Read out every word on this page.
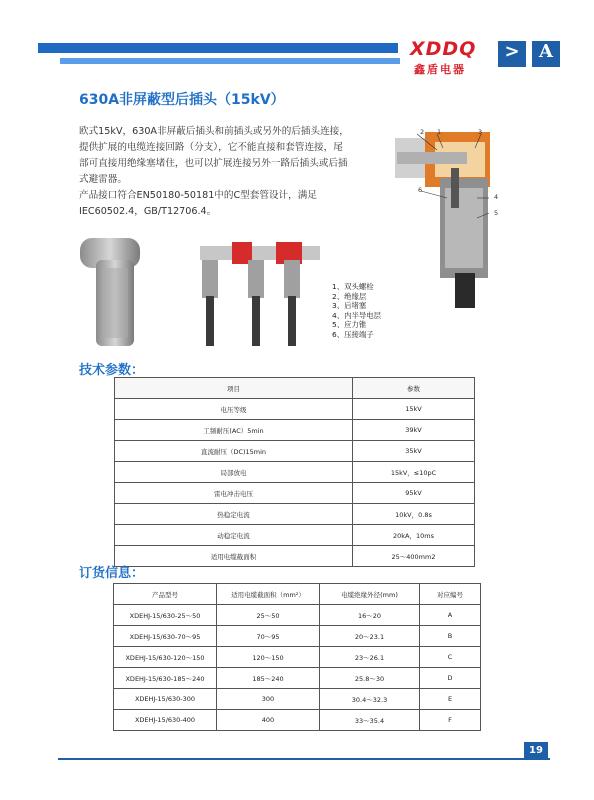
XDDQ
鑫盾电器
>	A
630A非屏蔽型后插头（15kV）
欧式15kV，630A非屏蔽后插头和前插头或另外的后插头连接，
提供扩展的电缆连接回路（分支），它不能直接和套管连接，尾
部可直接用绝缘塞堵住，也可以扩展连接另外一路后插头或后插
式避雷器。
产品接口符合EN50180-50181中的C型套管设计，满足
IEC60502.4，GB/T12706.4。
2 1	3
6
4
5
1、双头螺栓
2、绝缘层
3、后堵塞
4、内半导电层
5、应力锥
6、压接端子
技术参数：
项目	参数
电压等级	15kV
工频耐压(AC）5min	39kV
直流耐压（DC)15min	35kV
局部放电	15kV，≤10pC
雷电冲击电压	95kV
热稳定电流	10kV，0.8s
动稳定电流	20kA，10ms
适用电缆截面积	25～400mm2
订货信息：
产品型号	适用电缆截面积（mm²）	电缆绝缘外径(mm)	对应编号
XDEHJ-15/630-25～50	25～50	16～20	A
XDEHJ-15/630-70～95	70～95	20～23.1	B
XDEHJ-15/630-120～150	120～150	23～26.1	C
XDEHJ-15/630-185～240	185～240	25.8～30	D
XDEHJ-15/630-300	300	30.4～32.3	E
XDEHJ-15/630-400	400	33～35.4	F
19
